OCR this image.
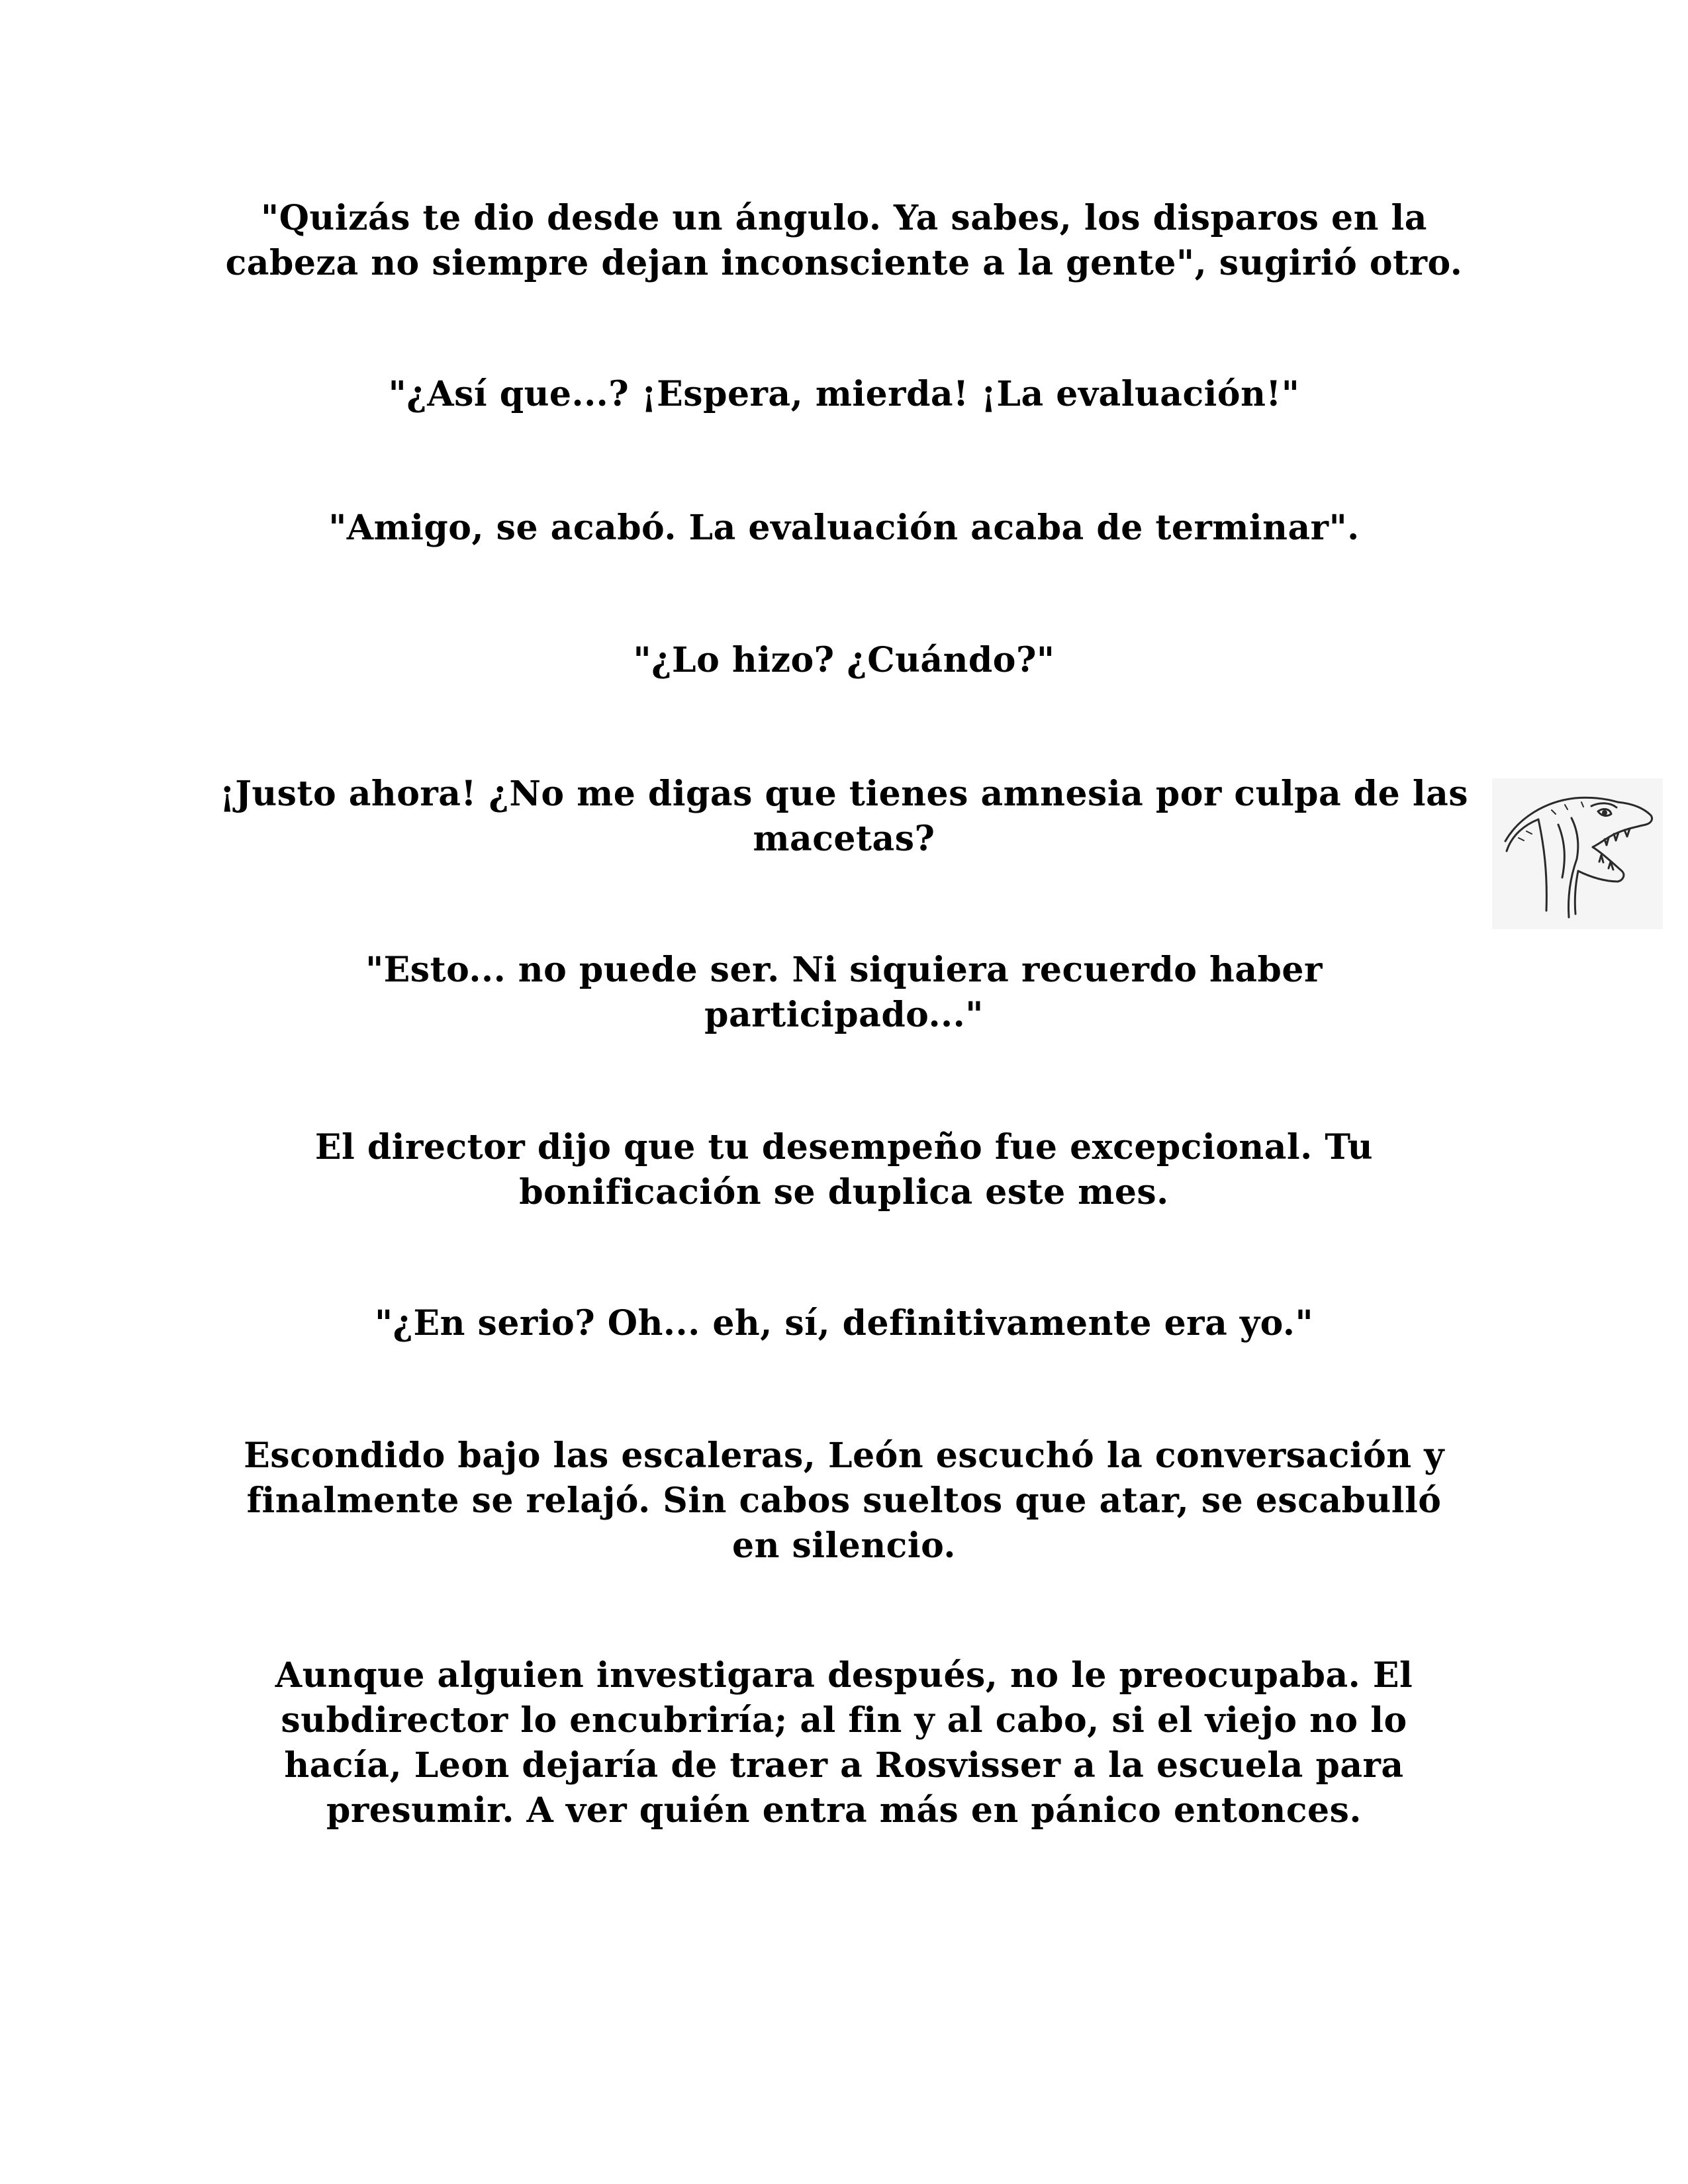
"Quizás te dio desde un ángulo. Ya sabes, los disparos en la
cabeza no siempre dejan inconsciente a la gente", sugirió otro.

"¿Así que...? ¡Espera, mierda! ¡La evaluación!"

"Amigo, se acabó. La evaluación acaba de terminar".

"¿Lo hizo? ¿Cuándo?"

¡Justo ahora! ¿No me digas que tienes amnesia por culpa de las
macetas?

"Esto... no puede ser. Ni siquiera recuerdo haber
participado..."

El director dijo que tu desempeño fue excepcional. Tu
bonificación se duplica este mes.

"¿En serio? Oh... eh, sí, definitivamente era yo."

Escondido bajo las escaleras, León escuchó la conversación y
finalmente se relajó. Sin cabos sueltos que atar, se escabulló
en silencio.

Aunque alguien investigara después, no le preocupaba. El
subdirector lo encubriría; al fin y al cabo, si el viejo no lo
hacía, Leon dejaría de traer a Rosvisser a la escuela para
presumir. A ver quién entra más en pánico entonces.
